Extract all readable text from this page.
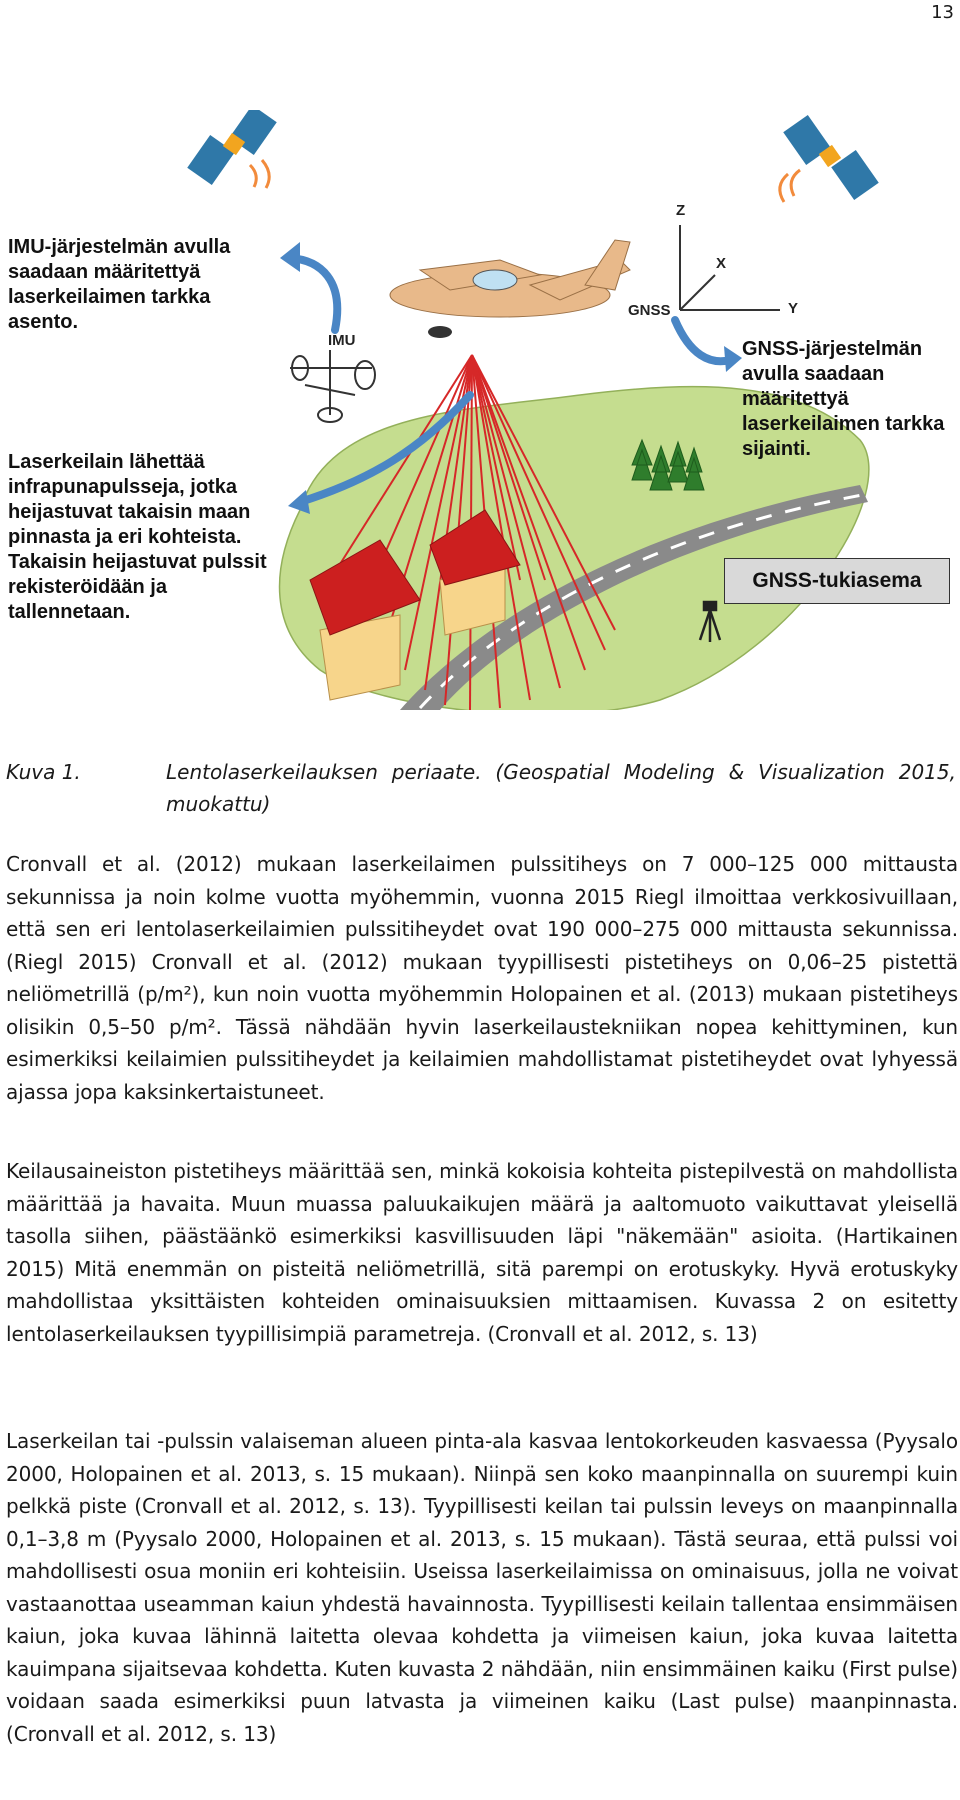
13
IMU-järjestelmän avulla saadaan määritettyä laserkeilaimen tarkka asento.
Laserkeilain lähettää infrapunapulsseja, jotka heijastuvat takaisin maan pinnasta ja eri kohteista. Takaisin heijastuvat pulssit rekisteröidään ja tallennetaan.
GNSS-järjestelmän avulla saadaan määritettyä laserkeilaimen tarkka sijainti.
IMU
GNSS
Z
X
Y
GNSS-tukiasema
Kuva 1.	Lentolaserkeilauksen periaate. (Geospatial Modeling & Visualization 2015, muokattu)

Cronvall et al. (2012) mukaan laserkeilaimen pulssitiheys on 7 000–125 000 mittausta sekunnissa ja noin kolme vuotta myöhemmin, vuonna 2015 Riegl ilmoittaa verkkosivuillaan, että sen eri lentolaserkeilaimien pulssitiheydet ovat 190 000–275 000 mittausta sekunnissa. (Riegl 2015) Cronvall et al. (2012) mukaan tyypillisesti pistetiheys on 0,06–25 pistettä neliömetrillä (p/m²), kun noin vuotta myöhemmin Holopainen et al. (2013) mukaan pistetiheys olisikin 0,5–50 p/m². Tässä nähdään hyvin laserkeilaustekniikan nopea kehittyminen, kun esimerkiksi keilaimien pulssitiheydet ja keilaimien mahdollistamat pistetiheydet ovat lyhyessä ajassa jopa kaksinkertaistuneet.

Keilausaineiston pistetiheys määrittää sen, minkä kokoisia kohteita pistepilvestä on mahdollista määrittää ja havaita. Muun muassa paluukaikujen määrä ja aaltomuoto vaikuttavat yleisellä tasolla siihen, päästäänkö esimerkiksi kasvillisuuden läpi "näkemään" asioita. (Hartikainen 2015) Mitä enemmän on pisteitä neliömetrillä, sitä parempi on erotuskyky. Hyvä erotuskyky mahdollistaa yksittäisten kohteiden ominaisuuksien mittaamisen. Kuvassa 2 on esitetty lentolaserkeilauksen tyypillisimpiä parametreja. (Cronvall et al. 2012, s. 13)

Laserkeilan tai -pulssin valaiseman alueen pinta-ala kasvaa lentokorkeuden kasvaessa (Pyysalo 2000, Holopainen et al. 2013, s. 15 mukaan). Niinpä sen koko maanpinnalla on suurempi kuin pelkkä piste (Cronvall et al. 2012, s. 13). Tyypillisesti keilan tai pulssin leveys on maanpinnalla 0,1–3,8 m (Pyysalo 2000, Holopainen et al. 2013, s. 15 mukaan). Tästä seuraa, että pulssi voi mahdollisesti osua moniin eri kohteisiin. Useissa laserkeilaimissa on ominaisuus, jolla ne voivat vastaanottaa useamman kaiun yhdestä havainnosta. Tyypillisesti keilain tallentaa ensimmäisen kaiun, joka kuvaa lähinnä laitetta olevaa kohdetta ja viimeisen kaiun, joka kuvaa laitetta kauimpana sijaitsevaa kohdetta. Kuten kuvasta 2 nähdään, niin ensimmäinen kaiku (First pulse) voidaan saada esimerkiksi puun latvasta ja viimeinen kaiku (Last pulse) maanpinnasta. (Cronvall et al. 2012, s. 13)
